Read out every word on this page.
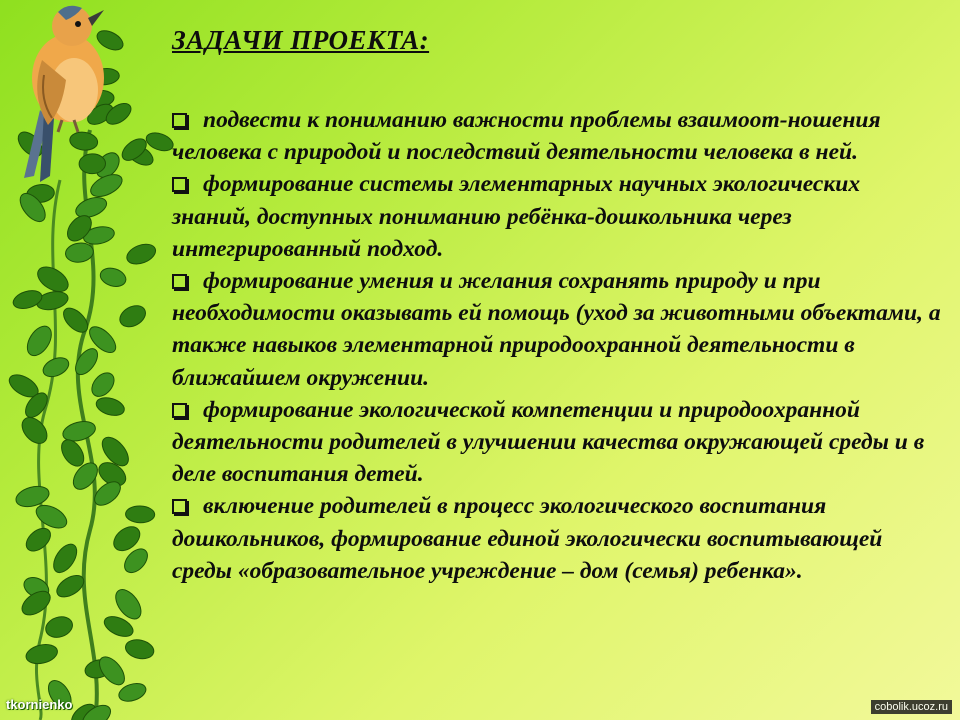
ЗАДАЧИ ПРОЕКТА:

подвести к пониманию важности проблемы взаимоот-ношения человека с природой и последствий деятельности человека в ней.

формирование системы элементарных научных экологических знаний, доступных пониманию ребёнка-дошкольника через интегрированный подход.

формирование умения и желания сохранять природу и при необходимости оказывать ей помощь (уход за животными объектами, а также навыков элементарной природоохранной деятельности в ближайшем окружении.

формирование экологической компетенции и природоохранной деятельности родителей в улучшении качества окружающей среды и в деле воспитания детей.

включение родителей в процесс экологического воспитания дошкольников, формирование единой экологически воспитывающей среды «образовательное учреждение – дом (семья) ребенка».

tkornienko	cobolik.ucoz.ru
